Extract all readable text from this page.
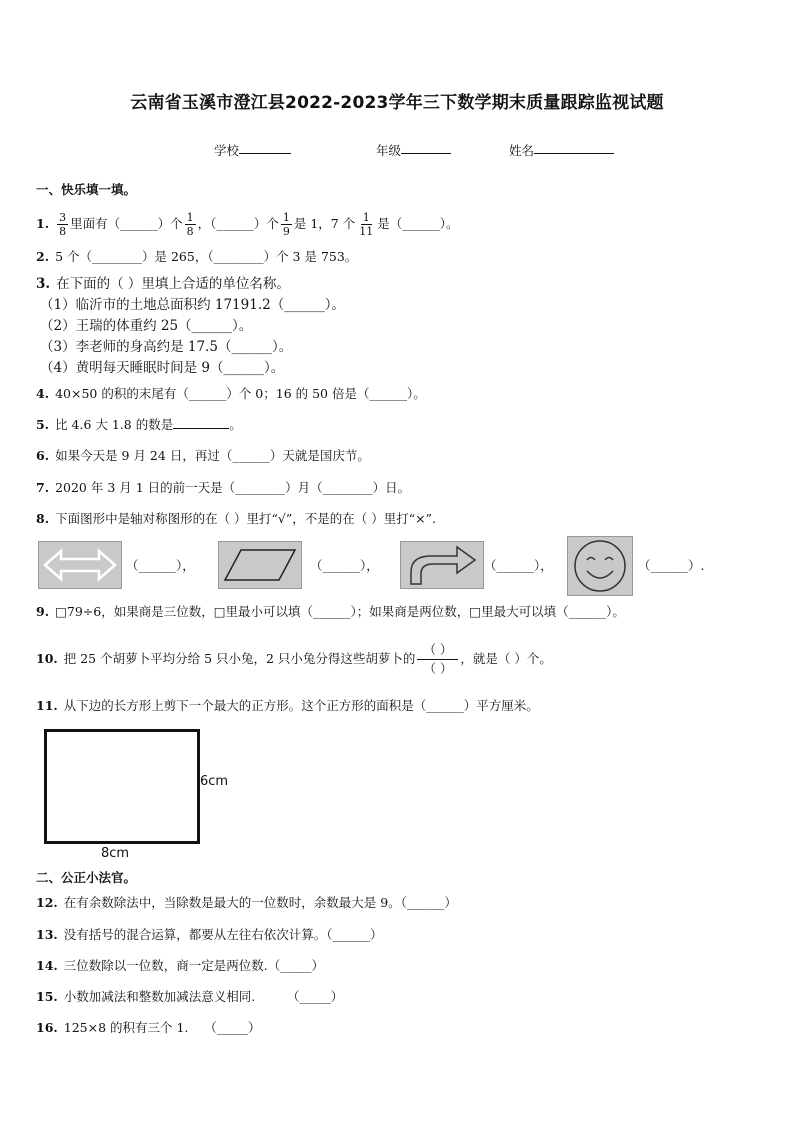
云南省玉溪市澄江县2022-2023学年三下数学期末质量跟踪监视试题
学校	年级	姓名
一、快乐填一填。
1. $\frac{3}{8}$ 里面有（______）个 $\frac{1}{8}$ ，（______）个 $\frac{1}{9}$ 是 1，7 个 $\frac{1}{11}$ 是（______）。
2. 5 个（________）是 265，（________）个 3 是 753。
3. 在下面的（ ）里填上合适的单位名称。
（1）临沂市的土地总面积约 17191.2（______）。
（2）王瑞的体重约 25（______）。
（3）李老师的身高约是 17.5（______）。
（4）黄明每天睡眠时间是 9（______）。
4. 40×50 的积的末尾有（______）个 0；16 的 50 倍是（______）。
5. 比 4.6 大 1.8 的数是	。
6. 如果今天是 9 月 24 日，再过（______）天就是国庆节。
7. 2020 年 3 月 1 日的前一天是（________）月（________）日。
8. 下面图形中是轴对称图形的在（ ）里打“√”，不是的在（ ）里打“×”.
（______），	（______），	（______），	（______）.
9. □79÷6，如果商是三位数，□里最小可以填（______）；如果商是两位数，□里最大可以填（______）。
10. 把 25 个胡萝卜平均分给 5 只小兔，2 只小兔分得这些胡萝卜的 $\frac{( )}{( )}$ ，就是（ ）个。
11. 从下边的长方形上剪下一个最大的正方形。这个正方形的面积是（______）平方厘米。
6cm
8cm
二、公正小法官。
12. 在有余数除法中，当除数是最大的一位数时，余数最大是 9。（______）
13. 没有括号的混合运算，都要从左往右依次计算。（______）
14. 三位数除以一位数，商一定是两位数.（_____）
15. 小数加减法和整数加减法意义相同.        （_____）
16. 125×8 的积有三个 1.    （_____）
